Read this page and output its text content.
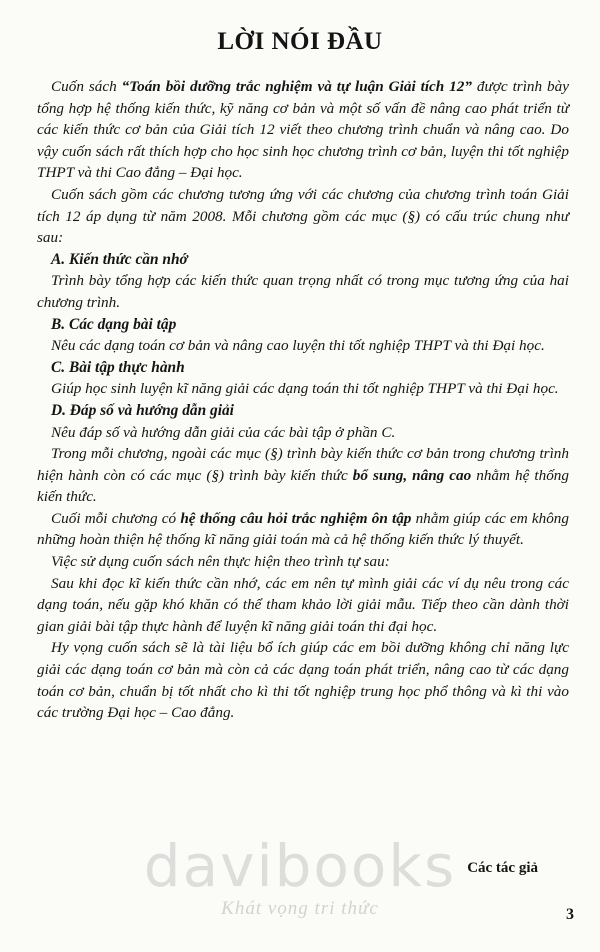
LỜI NÓI ĐẦU

Cuốn sách “Toán bồi dưỡng trắc nghiệm và tự luận Giải tích 12” được trình bày tổng hợp hệ thống kiến thức, kỹ năng cơ bản và một số vấn đề nâng cao phát triển từ các kiến thức cơ bản của Giải tích 12 viết theo chương trình chuẩn và nâng cao. Do vậy cuốn sách rất thích hợp cho học sinh học chương trình cơ bản, luyện thi tốt nghiệp THPT và thi Cao đẳng – Đại học.

Cuốn sách gồm các chương tương ứng với các chương của chương trình toán Giải tích 12 áp dụng từ năm 2008. Mỗi chương gồm các mục (§) có cấu trúc chung như sau:

A. Kiến thức cần nhớ

Trình bày tổng hợp các kiến thức quan trọng nhất có trong mục tương ứng của hai chương trình.

B. Các dạng bài tập

Nêu các dạng toán cơ bản và nâng cao luyện thi tốt nghiệp THPT và thi Đại học.

C. Bài tập thực hành

Giúp học sinh luyện kĩ năng giải các dạng toán thi tốt nghiệp THPT và thi Đại học.

D. Đáp số và hướng dẫn giải

Nêu đáp số và hướng dẫn giải của các bài tập ở phần C.

Trong mỗi chương, ngoài các mục (§) trình bày kiến thức cơ bản trong chương trình hiện hành còn có các mục (§) trình bày kiến thức bổ sung, nâng cao nhằm hệ thống kiến thức.

Cuối mỗi chương có hệ thống câu hỏi trắc nghiệm ôn tập nhằm giúp các em không những hoàn thiện hệ thống kĩ năng giải toán mà cả hệ thống kiến thức lý thuyết.

Việc sử dụng cuốn sách nên thực hiện theo trình tự sau:

Sau khi đọc kĩ kiến thức cần nhớ, các em nên tự mình giải các ví dụ nêu trong các dạng toán, nếu gặp khó khăn có thể tham khảo lời giải mẫu. Tiếp theo cần dành thời gian giải bài tập thực hành để luyện kĩ năng giải toán thi đại học.

Hy vọng cuốn sách sẽ là tài liệu bổ ích giúp các em bồi dưỡng không chỉ năng lực giải các dạng toán cơ bản mà còn cả các dạng toán phát triển, nâng cao từ các dạng toán cơ bản, chuẩn bị tốt nhất cho kì thi tốt nghiệp trung học phổ thông và kì thi vào các trường Đại học – Cao đẳng.

davibooks
Khát vọng tri thức
Các tác giả
3
